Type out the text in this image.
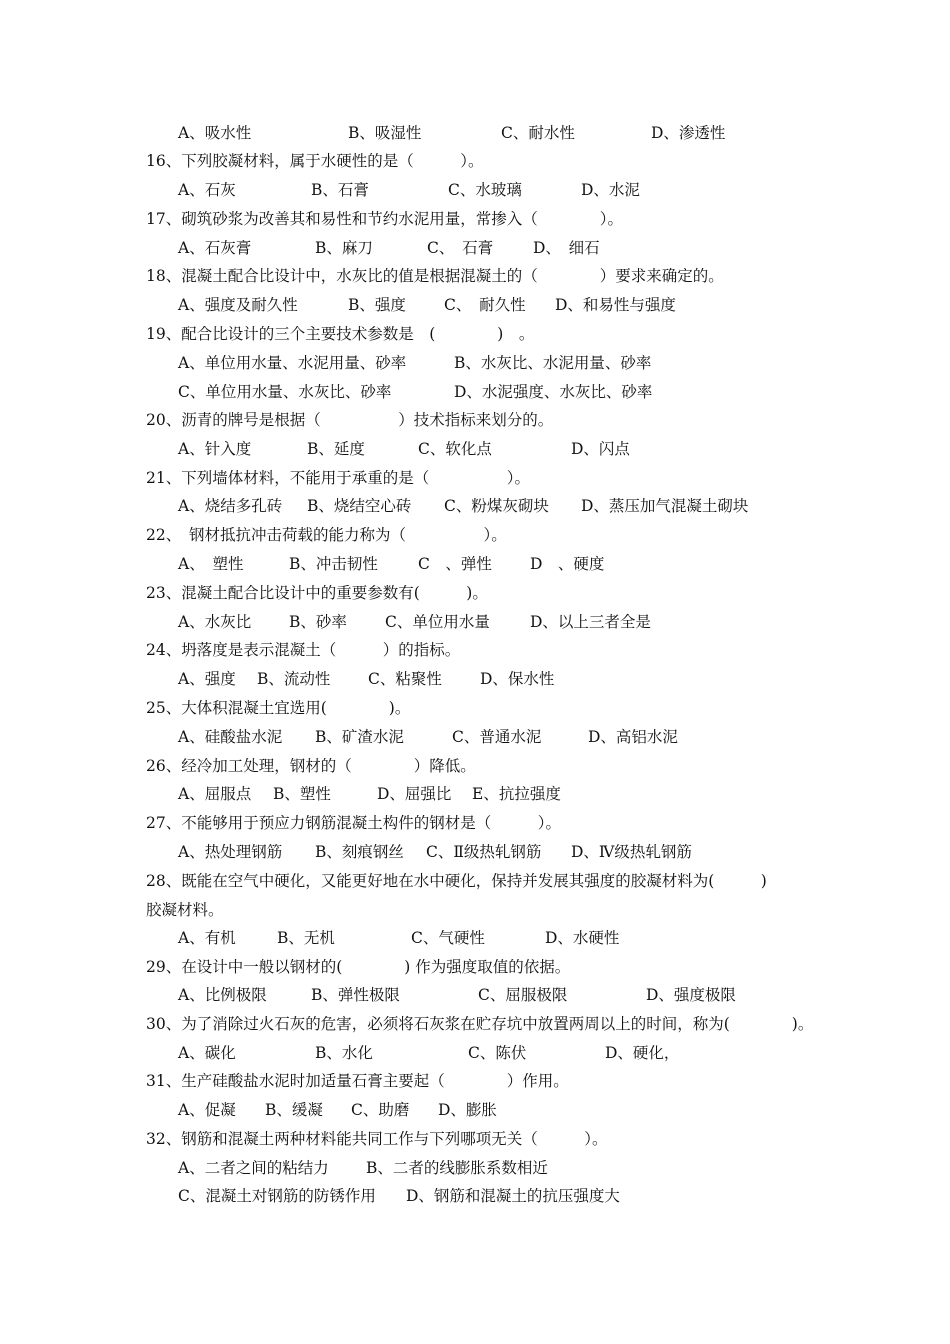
A、吸水性	B、吸湿性	C、耐水性	D、渗透性
16、下列胶凝材料，属于水硬性的是（　　　）。
A、石灰	B、石膏	C、水玻璃	D、水泥
17、砌筑砂浆为改善其和易性和节约水泥用量，常掺入（　　　　）。
A、石灰膏	B、麻刀	C、　石膏	D、　细石
18、混凝土配合比设计中，水灰比的值是根据混凝土的（　　　　）要求来确定的。
A、强度及耐久性	B、强度 C、　耐久性 D、和易性与强度
19、配合比设计的三个主要技术参数是　(　　　　)　。
A、单位用水量、水泥用量、砂率	B、水灰比、水泥用量、砂率
C、单位用水量、水灰比、砂率	D、水泥强度、水灰比、砂率
20、沥青的牌号是根据（　　　　　）技术指标来划分的。
A、针入度	B、延度	C、软化点	D、闪点
21、下列墙体材料，不能用于承重的是（　　　　　）。
A、烧结多孔砖 B、烧结空心砖 C、粉煤灰砌块 D、蒸压加气混凝土砌块
22、　钢材抵抗冲击荷载的能力称为（　　　　　）。
A、　塑性	B、冲击韧性	C　、弹性 D　、硬度
23、混凝土配合比设计中的重要参数有(　　　)。
A、水灰比 B、砂率 C、单位用水量	D、以上三者全是
24、坍落度是表示混凝土（　　　）的指标。
A、强度 B、流动性 C、粘聚性 D、保水性
25、大体积混凝土宜选用(　　　　)。
A、硅酸盐水泥 B、矿渣水泥	C、普通水泥	D、高铝水泥
26、经冷加工处理，钢材的（　　　　）降低。
A、屈服点 B、塑性	D、屈强比 E、抗拉强度
27、不能够用于预应力钢筋混凝土构件的钢材是（　　　）。
A、热处理钢筋 B、刻痕钢丝 C、Ⅱ级热轧钢筋 D、Ⅳ级热轧钢筋
28、既能在空气中硬化，又能更好地在水中硬化，保持并发展其强度的胶凝材料为(　　　)
胶凝材料。
A、有机	B、无机	C、气硬性	D、水硬性
29、在设计中一般以钢材的(　　　　) 作为强度取值的依据。
A、比例极限	B、弹性极限	C、屈服极限	D、强度极限
30、为了消除过火石灰的危害，必须将石灰浆在贮存坑中放置两周以上的时间，称为(　　　　)。
A、碳化	B、水化	C、陈伏	D、硬化，
31、生产硅酸盐水泥时加适量石膏主要起（　　　　）作用。
A、促凝 B、缓凝 C、助磨 D、膨胀
32、钢筋和混凝土两种材料能共同工作与下列哪项无关（　　　）。
A、二者之间的粘结力 B、二者的线膨胀系数相近
C、混凝土对钢筋的防锈作用 D、钢筋和混凝土的抗压强度大
